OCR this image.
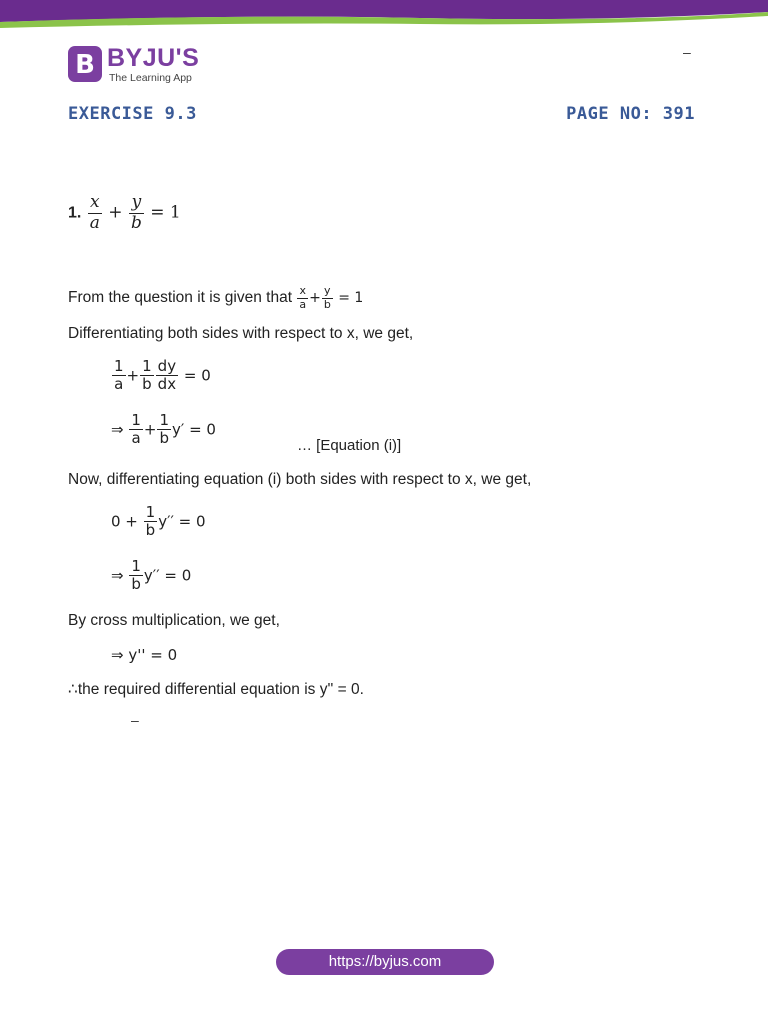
B BYJU'S
The Learning App
–
EXERCISE 9.3	PAGE NO: 391
1. $\frac{x}{a} + \frac{y}{b} = 1$
From the question it is given that $\frac{x}{a} + \frac{y}{b} = 1$
Differentiating both sides with respect to x, we get,
$\frac{1}{a} + \frac{1}{b} \frac{dy}{dx} = 0$
⇒ $\frac{1}{a} + \frac{1}{b} y' = 0$
… [Equation (i)]
Now, differentiating equation (i) both sides with respect to x, we get,
$0 + \frac{1}{b} y'' = 0$
⇒ $\frac{1}{b} y'' = 0$
By cross multiplication, we get,
⇒ y'' = 0
∴the required differential equation is y'' = 0.
–
https://byjus.com
